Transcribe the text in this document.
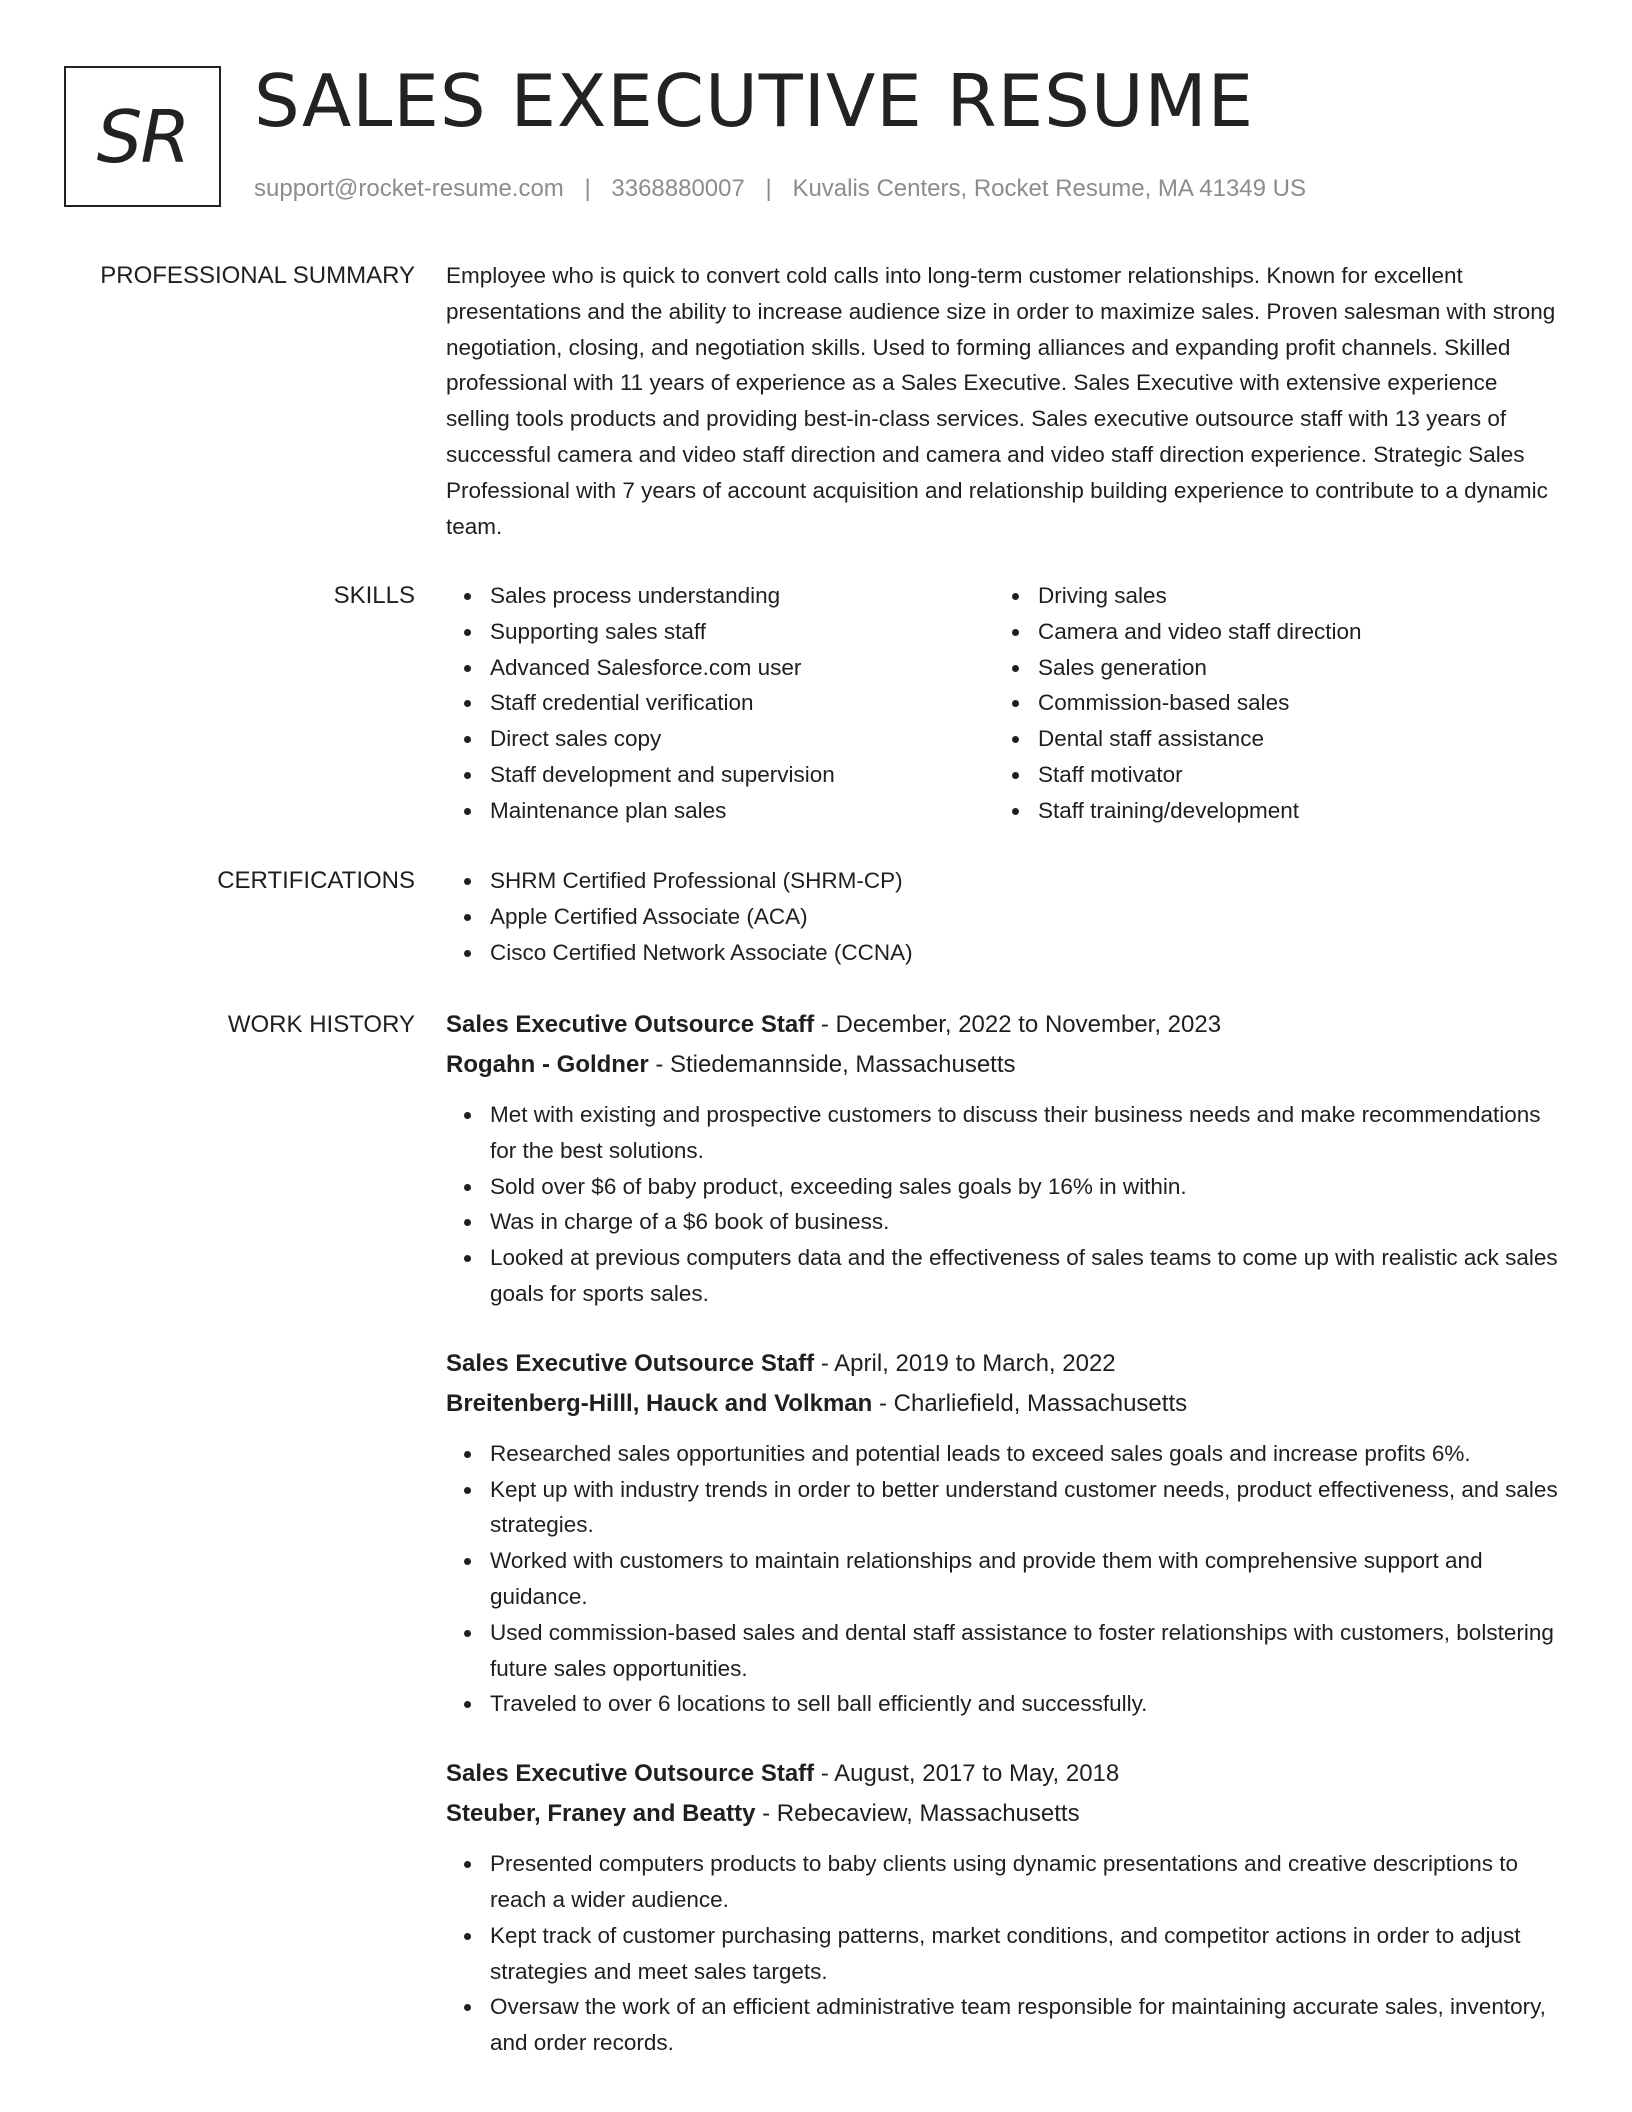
SR SALES EXECUTIVE RESUME
support@rocket-resume.com | 3368880007 | Kuvalis Centers, Rocket Resume, MA 41349 US
PROFESSIONAL SUMMARY Employee who is quick to convert cold calls into long-term customer relationships. Known for excellent presentations and the ability to increase audience size in order to maximize sales. Proven salesman with strong negotiation, closing, and negotiation skills. Used to forming alliances and expanding profit channels. Skilled professional with 11 years of experience as a Sales Executive. Sales Executive with extensive experience selling tools products and providing best-in-class services. Sales executive outsource staff with 13 years of successful camera and video staff direction and camera and video staff direction experience. Strategic Sales Professional with 7 years of account acquisition and relationship building experience to contribute to a dynamic team.

SKILLS	Sales process understanding
Supporting sales staff
Advanced Salesforce.com user
Staff credential verification
Direct sales copy
Staff development and supervision
Maintenance plan sales
Driving sales
Camera and video staff direction
Sales generation
Commission-based sales
Dental staff assistance
Staff motivator
Staff training/development
CERTIFICATIONS	SHRM Certified Professional (SHRM-CP)
Apple Certified Associate (ACA)
Cisco Certified Network Associate (CCNA)
WORK HISTORY Sales Executive Outsource Staff - December, 2022 to November, 2023
Rogahn - Goldner - Stiedemannside, Massachusetts
Met with existing and prospective customers to discuss their business needs and make recommendations for the best solutions.
Sold over $6 of baby product, exceeding sales goals by 16% in within.
Was in charge of a $6 book of business.
Looked at previous computers data and the effectiveness of sales teams to come up with realistic ack sales goals for sports sales.
Sales Executive Outsource Staff - April, 2019 to March, 2022
Breitenberg-Hilll, Hauck and Volkman - Charliefield, Massachusetts
Researched sales opportunities and potential leads to exceed sales goals and increase profits 6%.
Kept up with industry trends in order to better understand customer needs, product effectiveness, and sales strategies.
Worked with customers to maintain relationships and provide them with comprehensive support and guidance.
Used commission-based sales and dental staff assistance to foster relationships with customers, bolstering future sales opportunities.
Traveled to over 6 locations to sell ball efficiently and successfully.
Sales Executive Outsource Staff - August, 2017 to May, 2018
Steuber, Franey and Beatty - Rebecaview, Massachusetts
Presented computers products to baby clients using dynamic presentations and creative descriptions to reach a wider audience.
Kept track of customer purchasing patterns, market conditions, and competitor actions in order to adjust strategies and meet sales targets.
Oversaw the work of an efficient administrative team responsible for maintaining accurate sales, inventory, and order records.
